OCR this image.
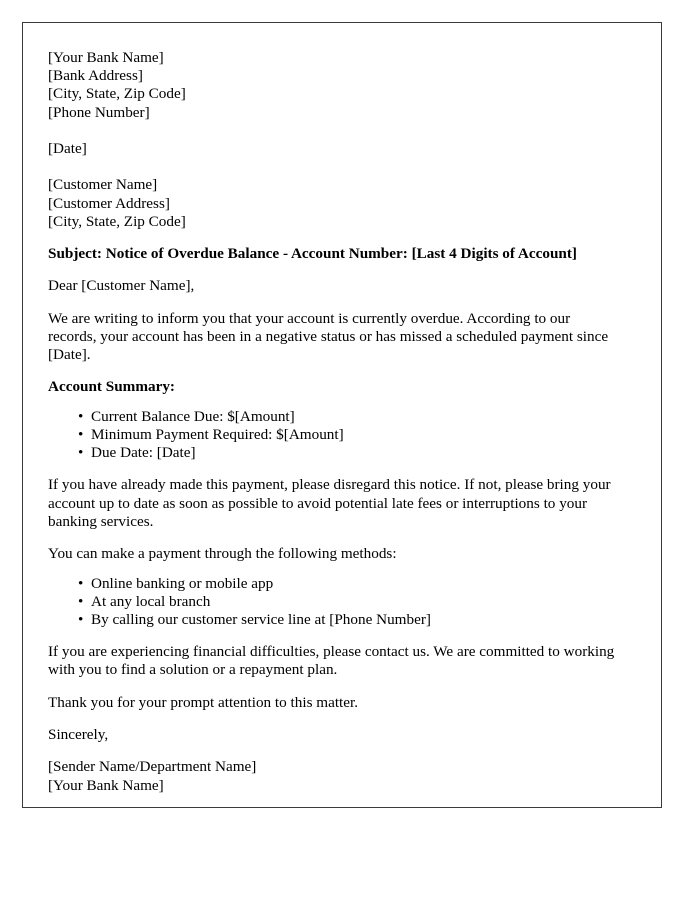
[Your Bank Name]
[Bank Address]
[City, State, Zip Code]
[Phone Number]
[Date]
[Customer Name]
[Customer Address]
[City, State, Zip Code]
Subject: Notice of Overdue Balance - Account Number: [Last 4 Digits of Account]

Dear [Customer Name],

We are writing to inform you that your account is currently overdue. According to our records, your account has been in a negative status or has missed a scheduled payment since [Date].

Account Summary:
• Current Balance Due: $[Amount]
• Minimum Payment Required: $[Amount]
• Due Date: [Date]

If you have already made this payment, please disregard this notice. If not, please bring your account up to date as soon as possible to avoid potential late fees or interruptions to your banking services.

You can make a payment through the following methods:

• Online banking or mobile app
• At any local branch
• By calling our customer service line at [Phone Number]

If you are experiencing financial difficulties, please contact us. We are committed to working with you to find a solution or a repayment plan.

Thank you for your prompt attention to this matter.

Sincerely,

[Sender Name/Department Name]
[Your Bank Name]
